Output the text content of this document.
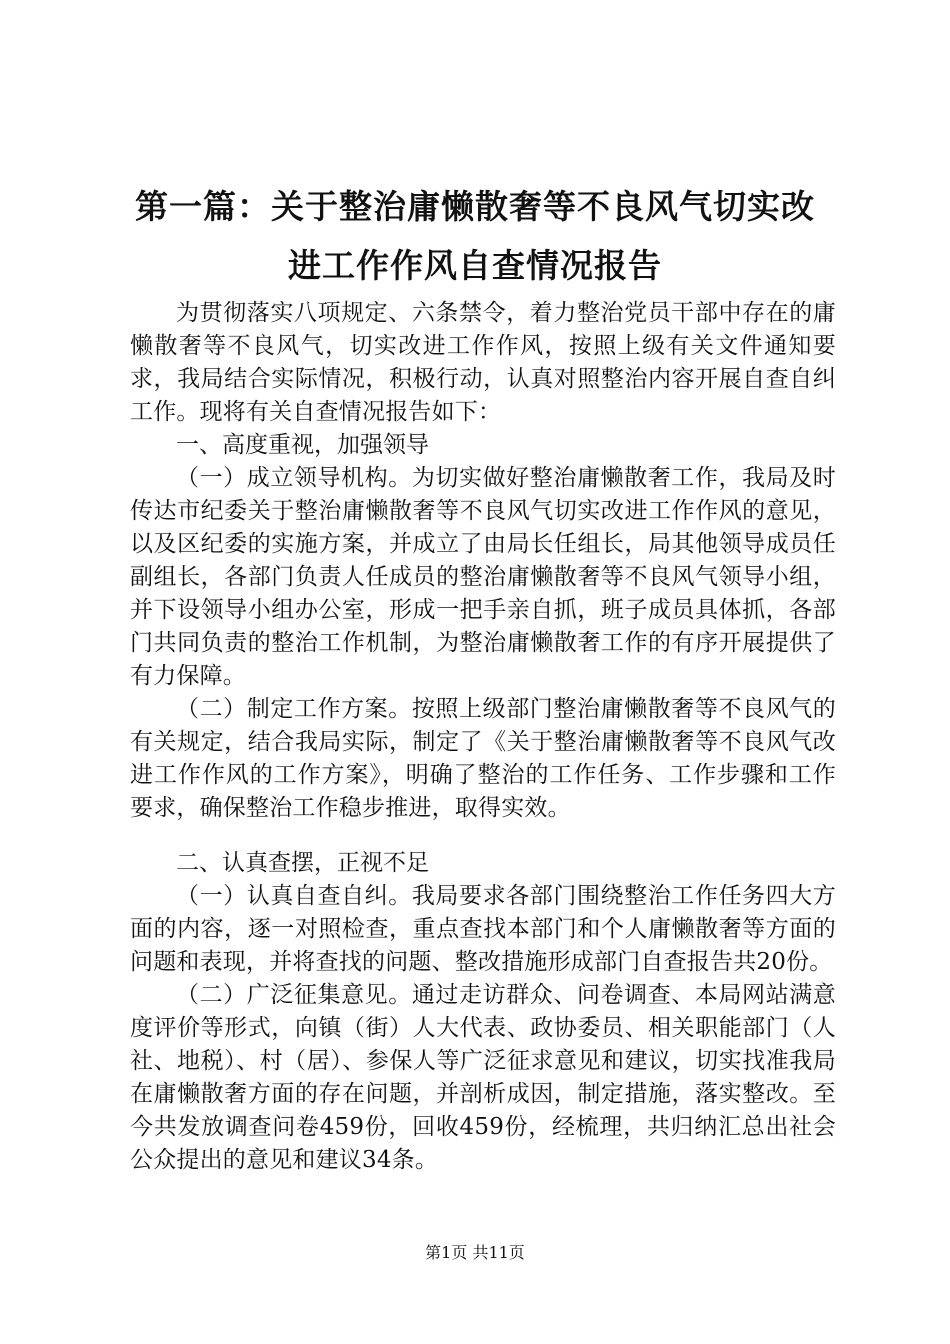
第一篇：关于整治庸懒散奢等不良风气切实改
进工作作风自查情况报告

为贯彻落实八项规定、六条禁令，着力整治党员干部中存在的庸懒散奢等不良风气，切实改进工作作风，按照上级有关文件通知要求，我局结合实际情况，积极行动，认真对照整治内容开展自查自纠工作。现将有关自查情况报告如下：

一、高度重视，加强领导

（一）成立领导机构。为切实做好整治庸懒散奢工作，我局及时传达市纪委关于整治庸懒散奢等不良风气切实改进工作作风的意见，以及区纪委的实施方案，并成立了由局长任组长，局其他领导成员任副组长，各部门负责人任成员的整治庸懒散奢等不良风气领导小组，并下设领导小组办公室，形成一把手亲自抓，班子成员具体抓，各部门共同负责的整治工作机制，为整治庸懒散奢工作的有序开展提供了有力保障。

（二）制定工作方案。按照上级部门整治庸懒散奢等不良风气的有关规定，结合我局实际，制定了《关于整治庸懒散奢等不良风气改进工作作风的工作方案》，明确了整治的工作任务、工作步骤和工作要求，确保整治工作稳步推进，取得实效。

二、认真查摆，正视不足

（一）认真自查自纠。我局要求各部门围绕整治工作任务四大方面的内容，逐一对照检查，重点查找本部门和个人庸懒散奢等方面的问题和表现，并将查找的问题、整改措施形成部门自查报告共20份。

（二）广泛征集意见。通过走访群众、问卷调查、本局网站满意度评价等形式，向镇（街）人大代表、政协委员、相关职能部门（人社、地税）、村（居）、参保人等广泛征求意见和建议，切实找准我局在庸懒散奢方面的存在问题，并剖析成因，制定措施，落实整改。至今共发放调查问卷459份，回收459份，经梳理，共归纳汇总出社会公众提出的意见和建议34条。

第1页 共11页
